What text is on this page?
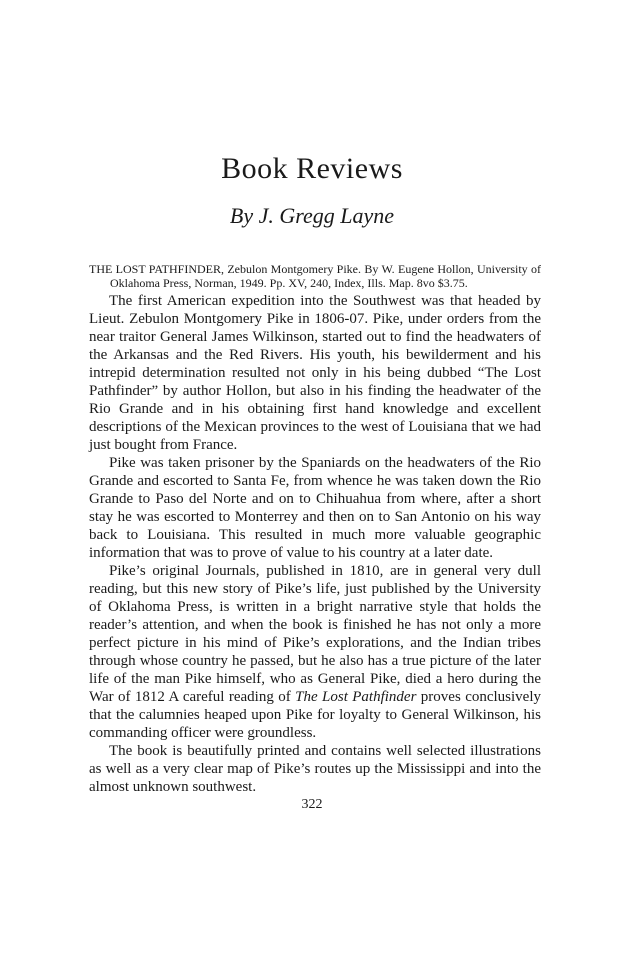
Book Reviews

By J. Gregg Layne

THE LOST PATHFINDER, Zebulon Montgomery Pike. By W. Eugene Hollon, University of Oklahoma Press, Norman, 1949. Pp. XV, 240, Index, Ills. Map. 8vo $3.75.

The first American expedition into the Southwest was that headed by Lieut. Zebulon Montgomery Pike in 1806-07. Pike, under orders from the near traitor General James Wilkinson, started out to find the headwaters of the Arkansas and the Red Rivers. His youth, his bewilderment and his intrepid determination resulted not only in his being dubbed “The Lost Pathfinder” by author Hollon, but also in his finding the headwater of the Rio Grande and in his obtaining first hand knowledge and excellent descriptions of the Mexican provinces to the west of Louisiana that we had just bought from France.

Pike was taken prisoner by the Spaniards on the headwaters of the Rio Grande and escorted to Santa Fe, from whence he was taken down the Rio Grande to Paso del Norte and on to Chihuahua from where, after a short stay he was escorted to Monterrey and then on to San Antonio on his way back to Louisiana. This resulted in much more valuable geographic information that was to prove of value to his country at a later date.

Pike’s original Journals, published in 1810, are in general very dull reading, but this new story of Pike’s life, just published by the University of Oklahoma Press, is written in a bright narrative style that holds the reader’s attention, and when the book is finished he has not only a more perfect picture in his mind of Pike’s explorations, and the Indian tribes through whose country he passed, but he also has a true picture of the later life of the man Pike himself, who as General Pike, died a hero during the War of 1812 A careful reading of The Lost Pathfinder proves conclusively that the calumnies heaped upon Pike for loyalty to General Wilkinson, his commanding officer were groundless.

The book is beautifully printed and contains well selected illustrations as well as a very clear map of Pike’s routes up the Mississippi and into the almost unknown southwest.

322
